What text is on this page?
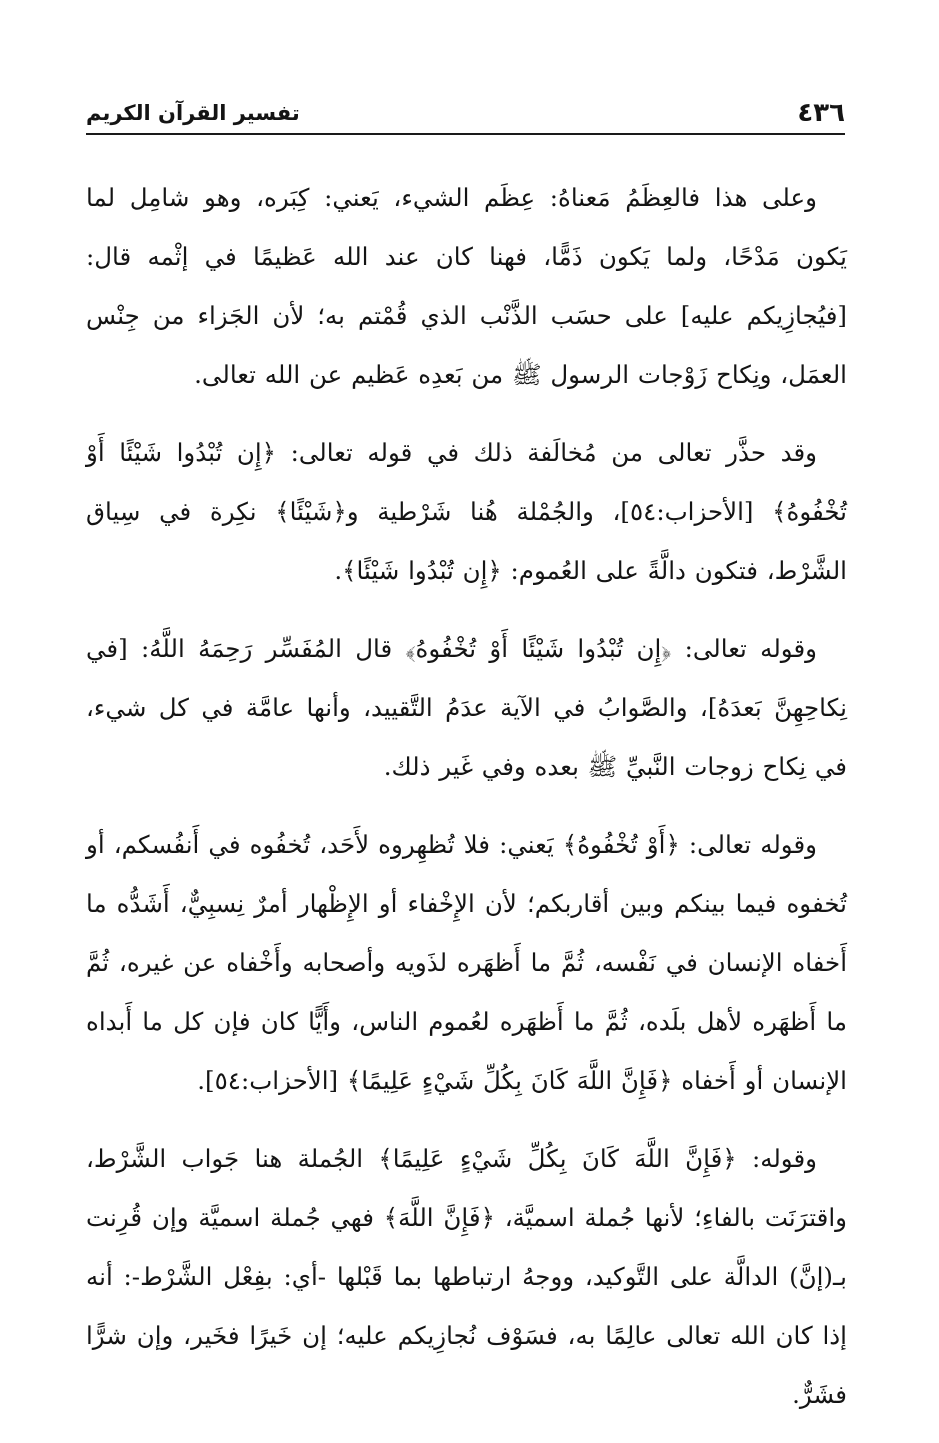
٤٣٦
تفسير القرآن الكريم

وعلى هذا فالعِظَمُ مَعناهُ: عِظَم الشيء، يَعني: كِبَره، وهو شامِل لما يَكون مَدْحًا، ولما يَكون ذَمًّا، فهنا كان عند الله عَظيمًا في إثْمه قال: [فيُجازِيكم عليه] على حسَب الذَّنْب الذي قُمْتم به؛ لأن الجَزاء من جِنْس العمَل، ونِكاح زَوْجات الرسول ﷺ من بَعدِه عَظيم عن الله تعالى.

وقد حذَّر تعالى من مُخالَفة ذلك في قوله تعالى: ﴿إِن تُبْدُوا شَيْئًا أَوْ تُخْفُوهُ﴾ [الأحزاب:٥٤]، والجُمْلة هُنا شَرْطية و﴿شَيْئًا﴾ نكِرة في سِياق الشَّرْط، فتكون دالَّةً على العُموم: ﴿إِن تُبْدُوا شَيْئًا﴾.

وقوله تعالى: ﴿إِن تُبْدُوا شَيْئًا أَوْ تُخْفُوهُ﴾ قال المُفَسِّر رَحِمَهُ اللَّهُ: [في نِكاحِهِنَّ بَعدَهُ]، والصَّوابُ في الآية عدَمُ التَّقييد، وأنها عامَّة في كل شيء، في نِكاح زوجات النَّبيِّ ﷺ بعده وفي غَير ذلك.

وقوله تعالى: ﴿أَوْ تُخْفُوهُ﴾ يَعني: فلا تُظهِروه لأَحَد، تُخفُوه في أَنفُسكم، أو تُخفوه فيما بينكم وبين أقاربكم؛ لأن الإِخْفاء أو الإِظْهار أمرٌ نِسبِيٌّ، أَشَدُّه ما أَخفاه الإنسان في نَفْسه، ثُمَّ ما أَظهَره لذَويه وأصحابه وأَخْفاه عن غيره، ثُمَّ ما أَظهَره لأهل بلَده، ثُمَّ ما أَظهَره لعُموم الناس، وأَيًّا كان فإن كل ما أَبداه الإنسان أو أَخفاه ﴿فَإِنَّ اللَّهَ كَانَ بِكُلِّ شَيْءٍ عَلِيمًا﴾ [الأحزاب:٥٤].

وقوله: ﴿فَإِنَّ اللَّهَ كَانَ بِكُلِّ شَيْءٍ عَلِيمًا﴾ الجُملة هنا جَواب الشَّرْط، واقترَنَت بالفاءِ؛ لأنها جُملة اسميَّة، ﴿فَإِنَّ اللَّهَ﴾ فهي جُملة اسميَّة وإن قُرِنت بـ(إنَّ) الدالَّة على التَّوكيد، ووجهُ ارتباطها بما قَبْلها -أي: بفِعْل الشَّرْط-: أنه إذا كان الله تعالى عالِمًا به، فسَوْف نُجازِيكم عليه؛ إن خَيرًا فخَير، وإن شرًّا فشَرٌّ.
